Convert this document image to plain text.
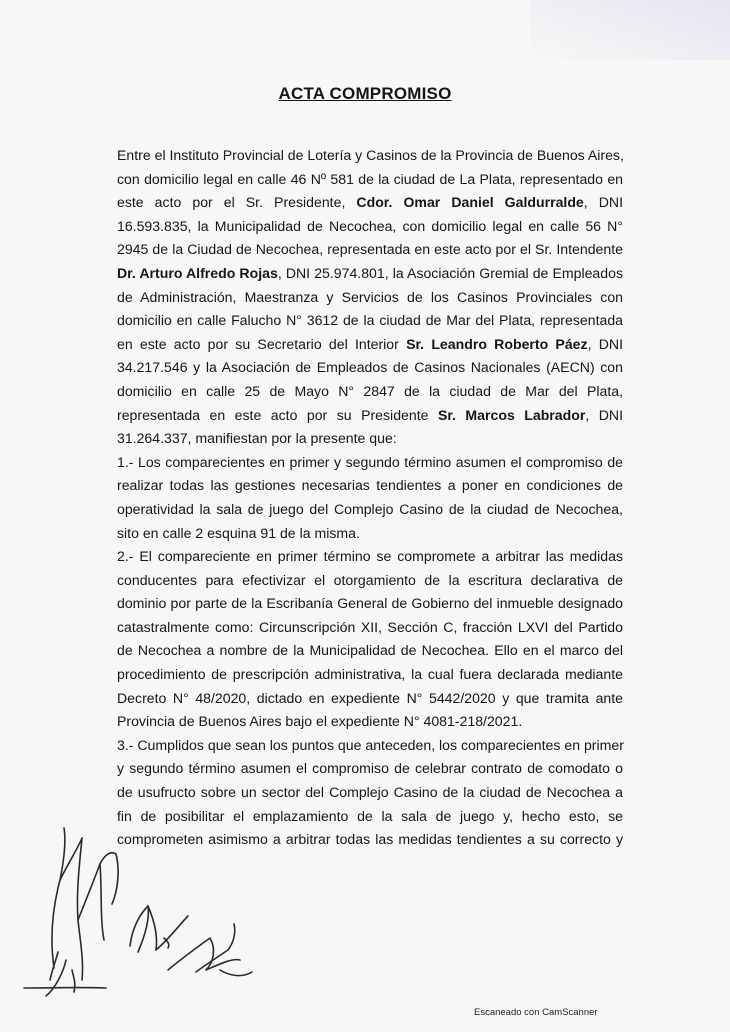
ACTA COMPROMISO
Entre el Instituto Provincial de Lotería y Casinos de la Provincia de Buenos Aires,
con domicilio legal en calle 46 Nº 581 de la ciudad de La Plata, representado en
este acto por el Sr. Presidente, Cdor. Omar Daniel Galdurralde, DNI
16.593.835, la Municipalidad de Necochea, con domicilio legal en calle 56 N°
2945 de la Ciudad de Necochea, representada en este acto por el Sr. Intendente
Dr. Arturo Alfredo Rojas, DNI 25.974.801, la Asociación Gremial de Empleados
de Administración, Maestranza y Servicios de los Casinos Provinciales con
domicilio en calle Falucho N° 3612 de la ciudad de Mar del Plata, representada
en este acto por su Secretario del Interior Sr. Leandro Roberto Páez, DNI
34.217.546 y la Asociación de Empleados de Casinos Nacionales (AECN) con
domicilio en calle 25 de Mayo N° 2847 de la ciudad de Mar del Plata,
representada en este acto por su Presidente Sr. Marcos Labrador, DNI
31.264.337, manifiestan por la presente que:
1.- Los comparecientes en primer y segundo término asumen el compromiso de
realizar todas las gestiones necesarias tendientes a poner en condiciones de
operatividad la sala de juego del Complejo Casino de la ciudad de Necochea,
sito en calle 2 esquina 91 de la misma.
2.- El compareciente en primer término se compromete a arbitrar las medidas
conducentes para efectivizar el otorgamiento de la escritura declarativa de
dominio por parte de la Escribanía General de Gobierno del inmueble designado
catastralmente como: Circunscripción XII, Sección C, fracción LXVI del Partido
de Necochea a nombre de la Municipalidad de Necochea. Ello en el marco del
procedimiento de prescripción administrativa, la cual fuera declarada mediante
Decreto N° 48/2020, dictado en expediente N° 5442/2020 y que tramita ante
Provincia de Buenos Aires bajo el expediente N° 4081-218/2021.
3.- Cumplidos que sean los puntos que anteceden, los comparecientes en primer
y segundo término asumen el compromiso de celebrar contrato de comodato o
de usufructo sobre un sector del Complejo Casino de la ciudad de Necochea a
fin de posibilitar el emplazamiento de la sala de juego y, hecho esto, se
comprometen asimismo a arbitrar todas las medidas tendientes a su correcto y
Escaneado con CamScanner
